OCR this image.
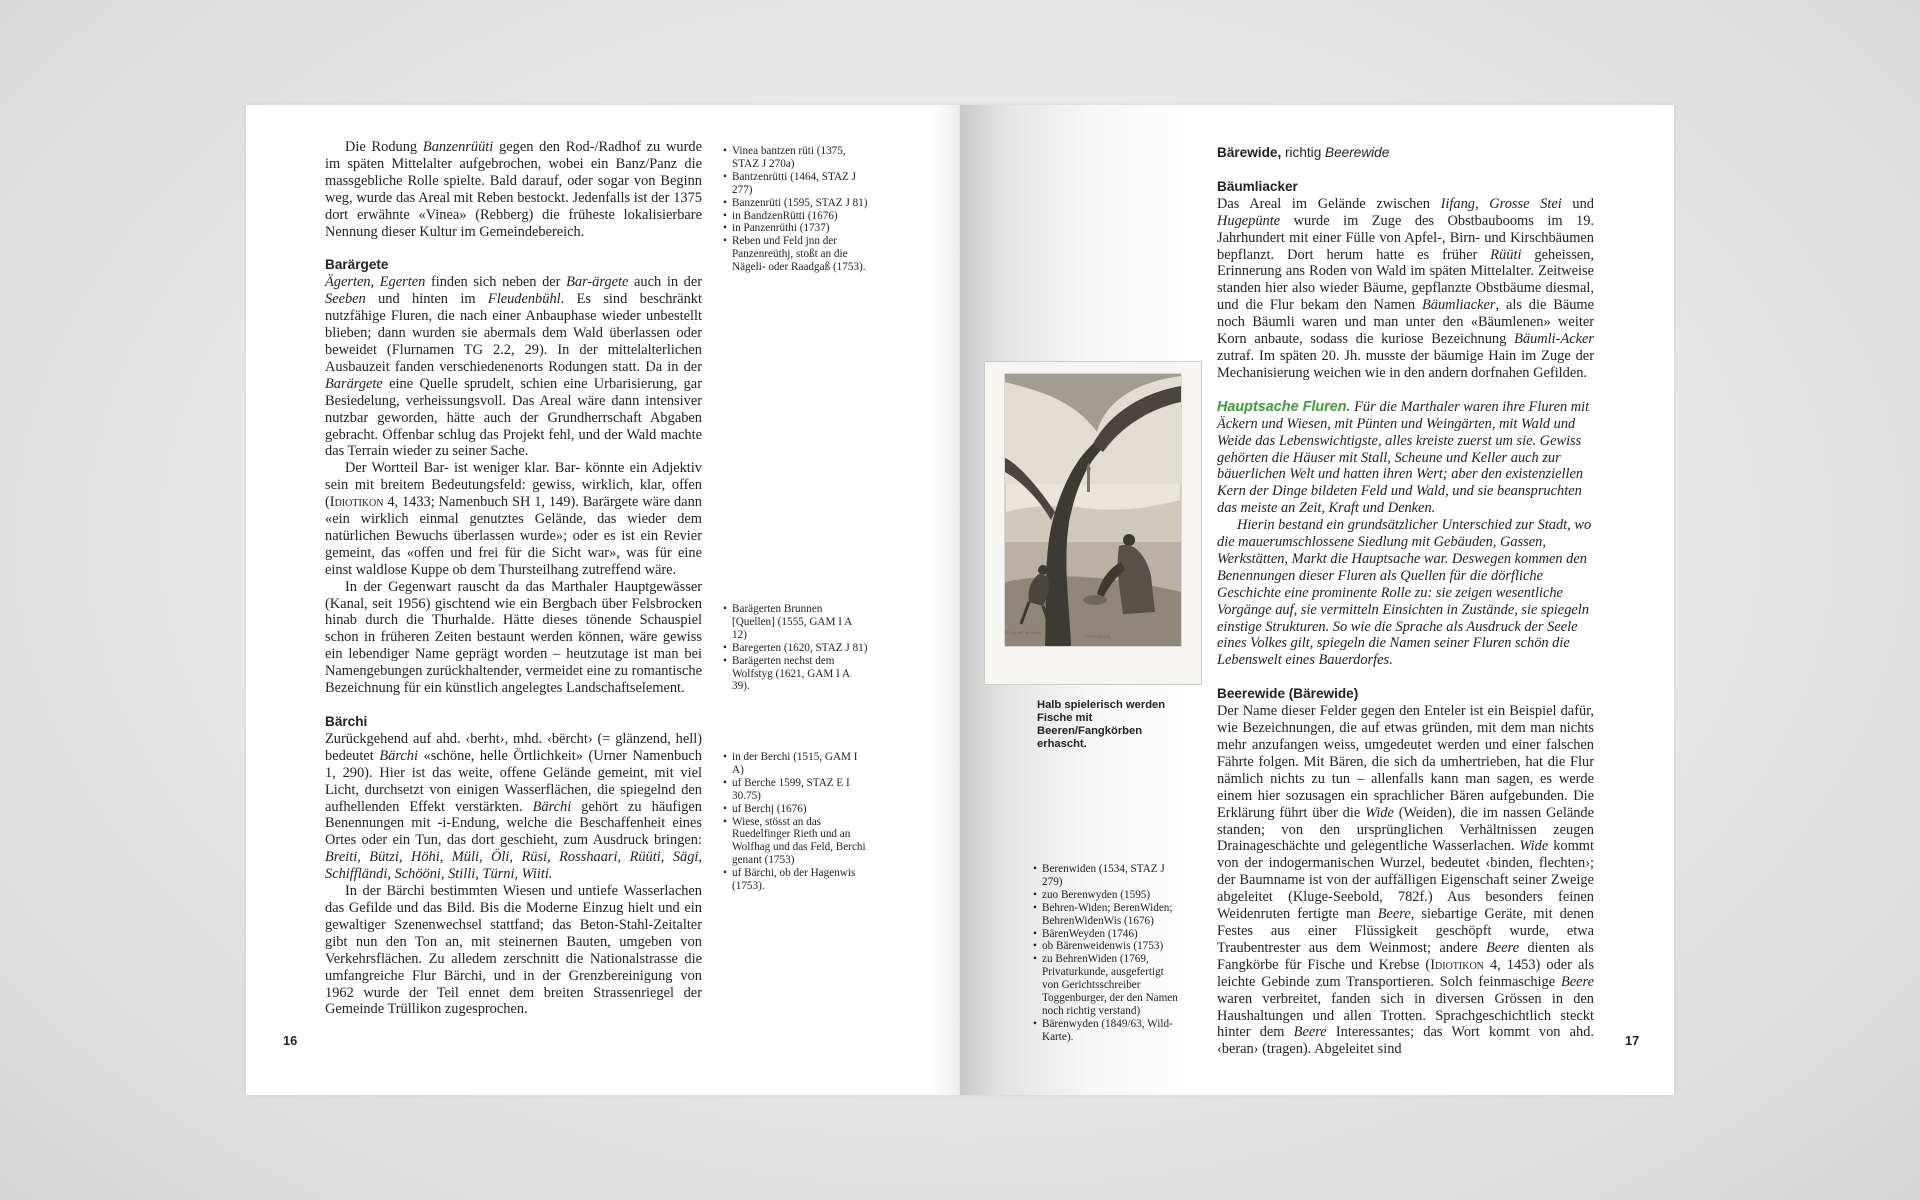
Die Rodung Banzenrüüti gegen den Rod-/Radhof zu wurde im späten Mittelalter aufgebrochen, wobei ein Banz/Panz die massgebliche Rolle spielte. Bald darauf, oder sogar von Beginn weg, wurde das Areal mit Reben bestockt. Jedenfalls ist der 1375 dort erwähnte «Vinea» (Rebberg) die früheste lokalisierbare Nennung dieser Kultur im Gemeindebereich.

Barärgete

Ägerten, Egerten finden sich neben der Bar-ärgete auch in der Seeben und hinten im Fleudenbühl. Es sind beschränkt nutzfähige Fluren, die nach einer Anbauphase wieder unbestellt blieben; dann wurden sie abermals dem Wald überlassen oder beweidet (Flurnamen TG 2.2, 29). In der mittelalterlichen Ausbauzeit fanden verschiedenenorts Rodungen statt. Da in der Barärgete eine Quelle sprudelt, schien eine Urbarisierung, gar Besiedelung, verheissungsvoll. Das Areal wäre dann intensiver nutzbar geworden, hätte auch der Grundherrschaft Abgaben gebracht. Offenbar schlug das Projekt fehl, und der Wald machte das Terrain wieder zu seiner Sache.

Der Wortteil Bar- ist weniger klar. Bar- könnte ein Adjektiv sein mit breitem Bedeutungsfeld: gewiss, wirklich, klar, offen (Idiotikon 4, 1433; Namenbuch SH 1, 149). Barärgete wäre dann «ein wirklich einmal genutztes Gelände, das wieder dem natürlichen Bewuchs überlassen wurde»; oder es ist ein Revier gemeint, das «offen und frei für die Sicht war», was für eine einst waldlose Kuppe ob dem Thursteilhang zutreffend wäre.

In der Gegenwart rauscht da das Marthaler Hauptgewässer (Kanal, seit 1956) gischtend wie ein Bergbach über Felsbrocken hinab durch die Thurhalde. Hätte dieses tönende Schauspiel schon in früheren Zeiten bestaunt werden können, wäre gewiss ein lebendiger Name geprägt worden – heutzutage ist man bei Namengebungen zurückhaltender, vermeidet eine zu romantische Bezeichnung für ein künstlich angelegtes Landschaftselement.

Bärchi

Zurückgehend auf ahd. ‹berht›, mhd. ‹bërcht› (= glänzend, hell) bedeutet Bärchi «schöne, helle Örtlichkeit» (Urner Namenbuch 1, 290). Hier ist das weite, offene Gelände gemeint, mit viel Licht, durchsetzt von einigen Wasserflächen, die spiegelnd den aufhellenden Effekt verstärkten. Bärchi gehört zu häufigen Benennungen mit -i-Endung, welche die Beschaffenheit eines Ortes oder ein Tun, das dort geschieht, zum Ausdruck bringen: Breiti, Bützi, Höhi, Müli, Öli, Rüsi, Rosshaari, Rüüti, Sägi, Schiffländi, Schööni, Stilli, Türni, Wiiti.

In der Bärchi bestimmten Wiesen und untiefe Wasserlachen das Gefilde und das Bild. Bis die Moderne Einzug hielt und ein gewaltiger Szenenwechsel stattfand; das Beton-Stahl-Zeitalter gibt nun den Ton an, mit steinernen Bauten, umgeben von Verkehrsflächen. Zu alledem zerschnitt die Nationalstrasse die umfangreiche Flur Bärchi, und in der Grenzbereinigung von 1962 wurde der Teil ennet dem breiten Strassenriegel der Gemeinde Trüllikon zugesprochen.

• Vinea bantzen rüti (1375, STAZ J 270a)
• Bantzenrütti (1464, STAZ J 277)
• Banzenrüti (1595, STAZ J 81)
• in BandzenRütti (1676)
• in Panzenrüthi (1737)
• Reben und Feld jnn der Panzenreüthj, stoßt an die Nägeli- oder Raadgaß (1753).
• Barägerten Brunnen [Quellen] (1555, GAM I A 12)
• Baregerten (1620, STAZ J 81)
• Barägerten nechst dem Wolfstyg (1621, GAM I A 39).
• in der Berchi (1515, GAM I A)
• uf Berche 1599, STAZ E I 30.75)
• uf Berchj (1676)
• Wiese, stösst an das Ruedelfinger Rieth und an Wolfhag und das Feld, Berchi genant (1753)
• uf Bärchi, ob der Hagenwis (1753).
16
D. Ag. del. & sculpt.
Feierabend
Halb spielerisch werden Fische mit Beeren/Fangkörben erhascht.
• Berenwiden (1534, STAZ J 279)
• zuo Berenwyden (1595)
• Behren-Widen; BerenWiden; BehrenWidenWis (1676)
• BärenWeyden (1746)
• ob Bärenweidenwis (1753)
• zu BehrenWiden (1769, Privaturkunde, ausgefertigt von Gerichtsschreiber Toggenburger, der den Namen noch richtig verstand)
• Bärenwyden (1849/63, Wild-Karte).
Bärewide, richtig Beerewide
Bäumliacker

Das Areal im Gelände zwischen Iifang, Grosse Stei und Hugepünte wurde im Zuge des Obstbaubooms im 19. Jahrhundert mit einer Fülle von Apfel-, Birn- und Kirschbäumen bepflanzt. Dort herum hatte es früher Rüüti geheissen, Erinnerung ans Roden von Wald im späten Mittelalter. Zeitweise standen hier also wieder Bäume, gepflanzte Obstbäume diesmal, und die Flur bekam den Namen Bäumliacker, als die Bäume noch Bäumli waren und man unter den «Bäumlenen» weiter Korn anbaute, sodass die kuriose Bezeichnung Bäumli-Acker zutraf. Im späten 20. Jh. musste der bäumige Hain im Zuge der Mechanisierung weichen wie in den andern dorfnahen Gefilden.

Hauptsache Fluren. Für die Marthaler waren ihre Fluren mit Äckern und Wiesen, mit Pünten und Weingärten, mit Wald und Weide das Lebenswichtigste, alles kreiste zuerst um sie. Gewiss gehörten die Häuser mit Stall, Scheune und Keller auch zur bäuerlichen Welt und hatten ihren Wert; aber den existenziellen Kern der Dinge bildeten Feld und Wald, und sie beanspruchten das meiste an Zeit, Kraft und Denken.

Hierin bestand ein grundsätzlicher Unterschied zur Stadt, wo die mauerumschlossene Siedlung mit Gebäuden, Gassen, Werkstätten, Markt die Hauptsache war. Deswegen kommen den Benennungen dieser Fluren als Quellen für die dörfliche Geschichte eine prominente Rolle zu: sie zeigen wesentliche Vorgänge auf, sie vermitteln Einsichten in Zustände, sie spiegeln einstige Strukturen. So wie die Sprache als Ausdruck der Seele eines Volkes gilt, spiegeln die Namen seiner Fluren schön die Lebenswelt eines Bauerdorfes.

Beerewide (Bärewide)

Der Name dieser Felder gegen den Enteler ist ein Beispiel dafür, wie Bezeichnungen, die auf etwas gründen, mit dem man nichts mehr anzufangen weiss, umgedeutet werden und einer falschen Fährte folgen. Mit Bären, die sich da umhertrieben, hat die Flur nämlich nichts zu tun – allenfalls kann man sagen, es werde einem hier sozusagen ein sprachlicher Bären aufgebunden. Die Erklärung führt über die Wide (Weiden), die im nassen Gelände standen; von den ursprünglichen Verhältnissen zeugen Drainageschächte und gelegentliche Wasserlachen. Wide kommt von der indogermanischen Wurzel, bedeutet ‹binden, flechten›; der Baumname ist von der auffälligen Eigenschaft seiner Zweige abgeleitet (Kluge-Seebold, 782f.) Aus besonders feinen Weidenruten fertigte man Beere, siebartige Geräte, mit denen Festes aus einer Flüssigkeit geschöpft wurde, etwa Traubentrester aus dem Weinmost; andere Beere dienten als Fangkörbe für Fische und Krebse (Idiotikon 4, 1453) oder als leichte Gebinde zum Transportieren. Solch feinmaschige Beere waren verbreitet, fanden sich in diversen Grössen in den Haushaltungen und allen Trotten. Sprachgeschichtlich steckt hinter dem Beere Interessantes; das Wort kommt von ahd. ‹beran› (tragen). Abgeleitet sind

17
